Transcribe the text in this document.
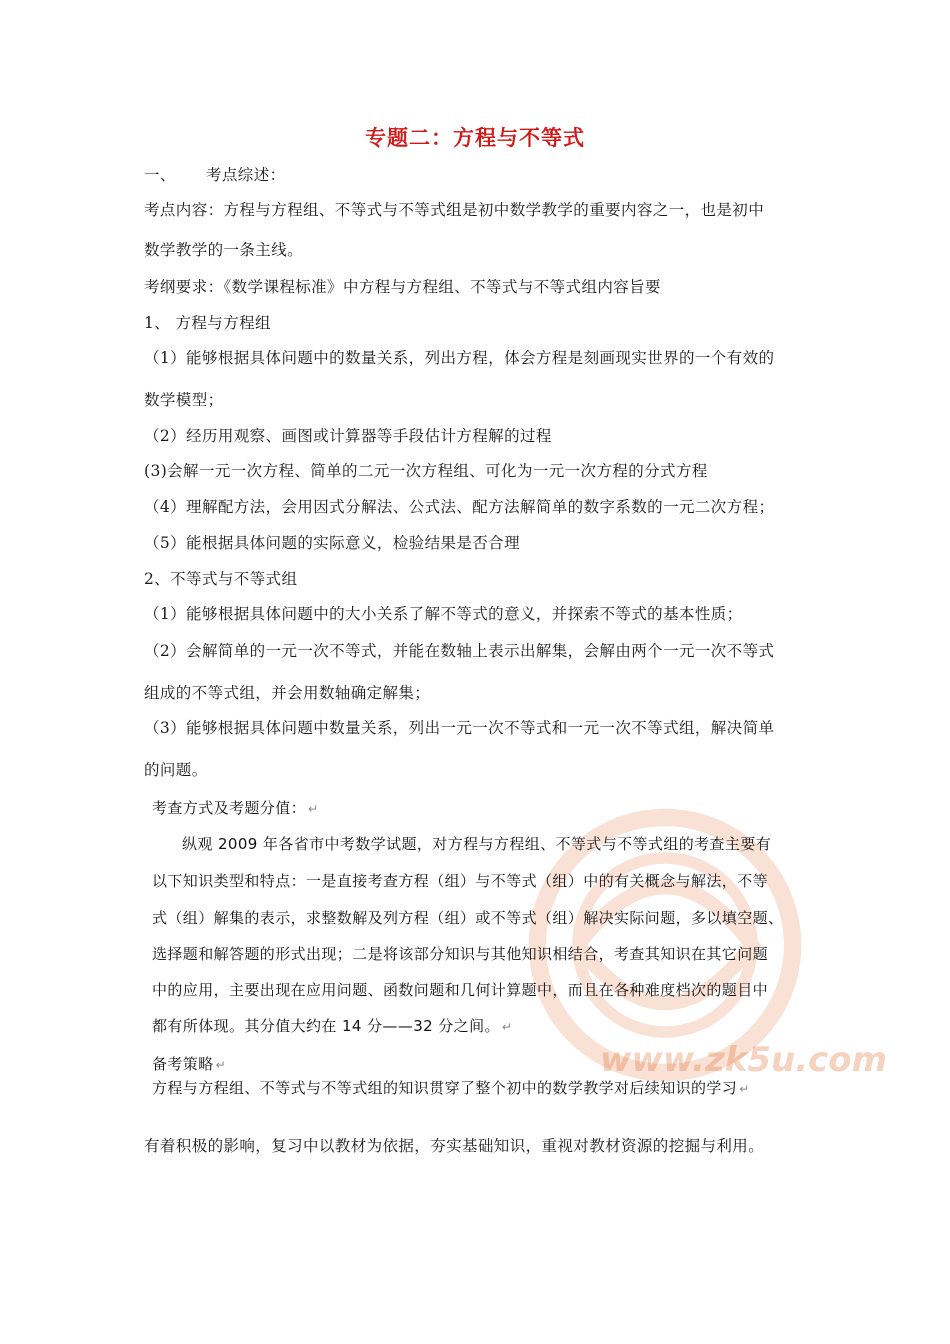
专题二：方程与不等式
一、 考点综述：
考点内容：方程与方程组、不等式与不等式组是初中数学教学的重要内容之一，也是初中
数学教学的一条主线。
考纲要求：《数学课程标准》中方程与方程组、不等式与不等式组内容旨要
1、 方程与方程组
（1）能够根据具体问题中的数量关系，列出方程，体会方程是刻画现实世界的一个有效的
数学模型；
（2）经历用观察、画图或计算器等手段估计方程解的过程
(3)会解一元一次方程、简单的二元一次方程组、可化为一元一次方程的分式方程
（4）理解配方法，会用因式分解法、公式法、配方法解简单的数字系数的一元二次方程；
（5）能根据具体问题的实际意义，检验结果是否合理
2、不等式与不等式组
（1）能够根据具体问题中的大小关系了解不等式的意义，并探索不等式的基本性质；
（2）会解简单的一元一次不等式，并能在数轴上表示出解集，会解由两个一元一次不等式
组成的不等式组，并会用数轴确定解集；
（3）能够根据具体问题中数量关系，列出一元一次不等式和一元一次不等式组，解决简单
的问题。
www.zk5u.com
考查方式及考题分值： ↵
纵观 2009 年各省市中考数学试题，对方程与方程组、不等式与不等式组的考查主要有
以下知识类型和特点：一是直接考查方程（组）与不等式（组）中的有关概念与解法，不等
式（组）解集的表示，求整数解及列方程（组）或不等式（组）解决实际问题，多以填空题、
选择题和解答题的形式出现；二是将该部分知识与其他知识相结合，考查其知识在其它问题
中的应用，主要出现在应用问题、函数问题和几何计算题中，而且在各种难度档次的题目中
都有所体现。其分值大约在 14 分——32 分之间。 ↵
备考策略 ↵
方程与方程组、不等式与不等式组的知识贯穿了整个初中的数学教学对后续知识的学习 ↵
有着积极的影响，复习中以教材为依据，夯实基础知识，重视对教材资源的挖掘与利用。
